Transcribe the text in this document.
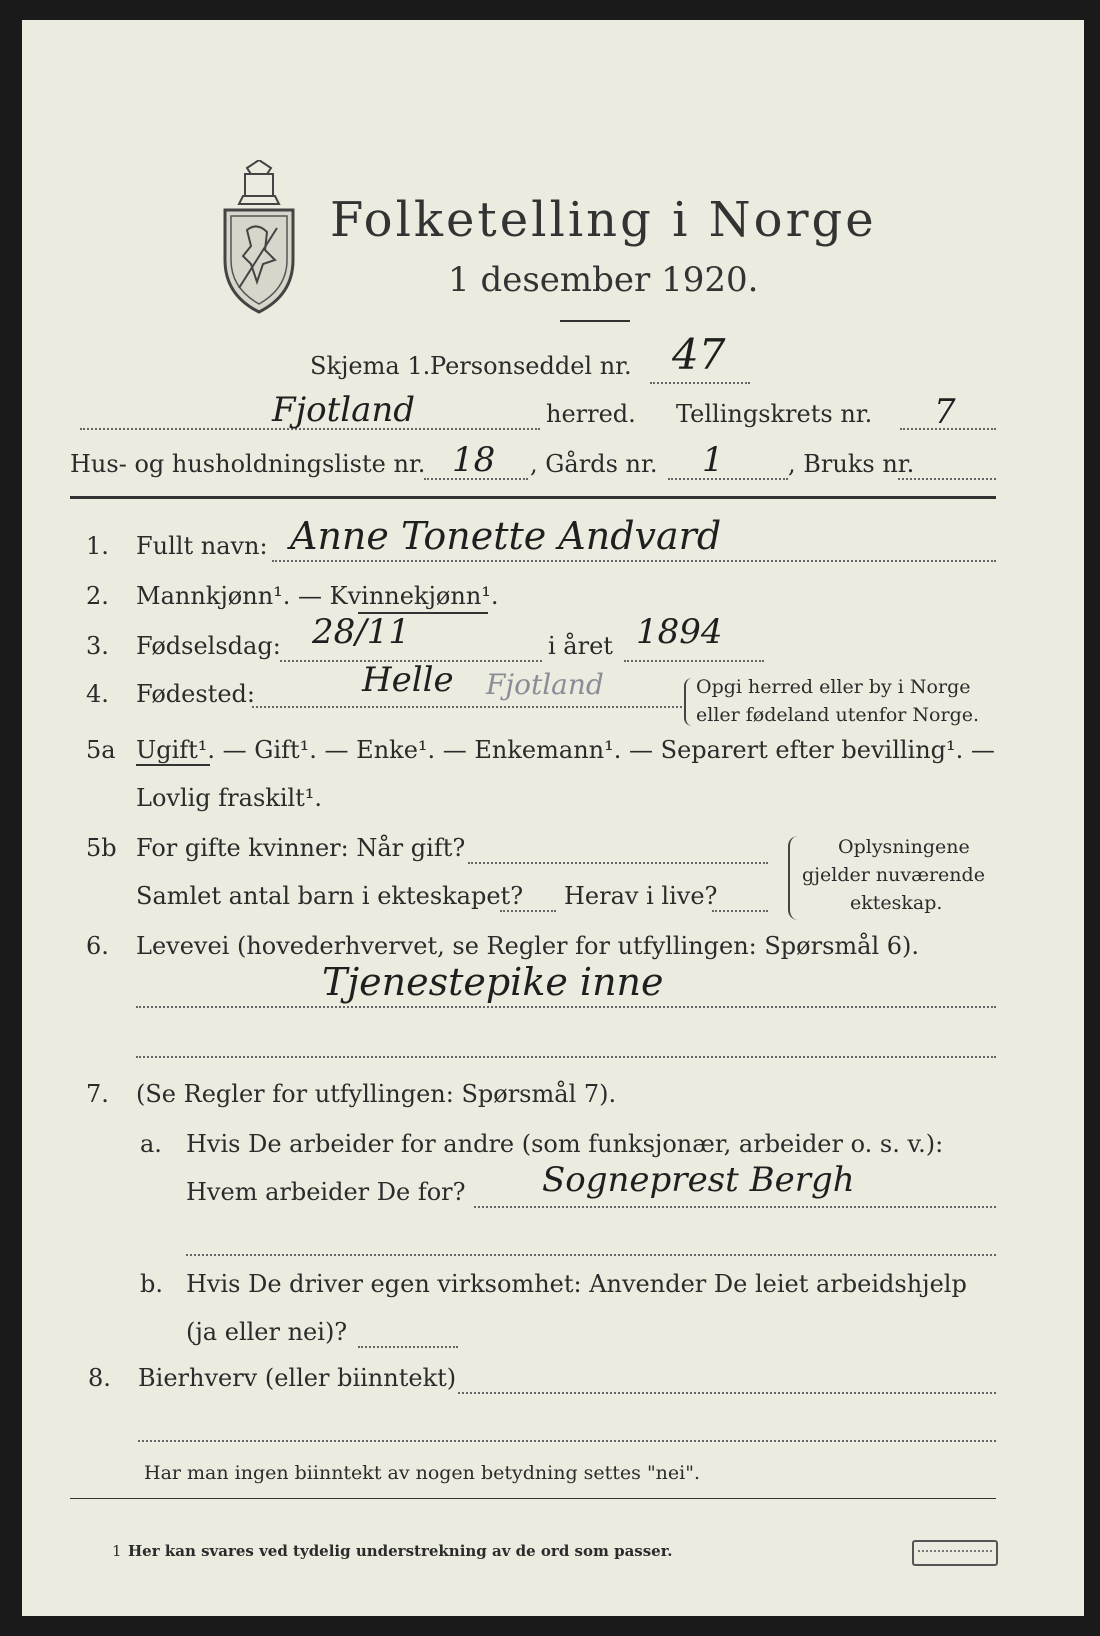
Folketelling i Norge
1 desember 1920.
Skjema 1. Personseddel nr. 47
Fjotland	herred. Tellingskrets nr. 7
Hus- og husholdningsliste nr. 18 , Gårds nr. 1	, Bruks nr.
1. Fullt navn: Anne Tonette Andvard
2. Mannkjønn¹. — Kvinnekjønn¹.
3. Fødselsdag: 28/11	i året 1894
4. Fødested:	Helle Fjotland	Opgi herred eller by i Norge
eller fødeland utenfor Norge.
5a Ugift¹. — Gift¹. — Enke¹. — Enkemann¹. — Separert efter bevilling¹. —
Lovlig fraskilt¹.
5b For gifte kvinner: Når gift?
Samlet antal barn i ekteskapet? Herav i live?
Oplysningene
gjelder nuværende
ekteskap.
6. Levevei (hovederhvervet, se Regler for utfyllingen: Spørsmål 6).
Tjenestepike inne
7. (Se Regler for utfyllingen: Spørsmål 7).
a. Hvis De arbeider for andre (som funksjonær, arbeider o. s. v.):
Hvem arbeider De for? Sogneprest Bergh
b. Hvis De driver egen virksomhet: Anvender De leiet arbeidshjelp
(ja eller nei)?
8. Bierhverv (eller biinntekt)
Har man ingen biinntekt av nogen betydning settes "nei".
1 Her kan svares ved tydelig understrekning av de ord som passer.
